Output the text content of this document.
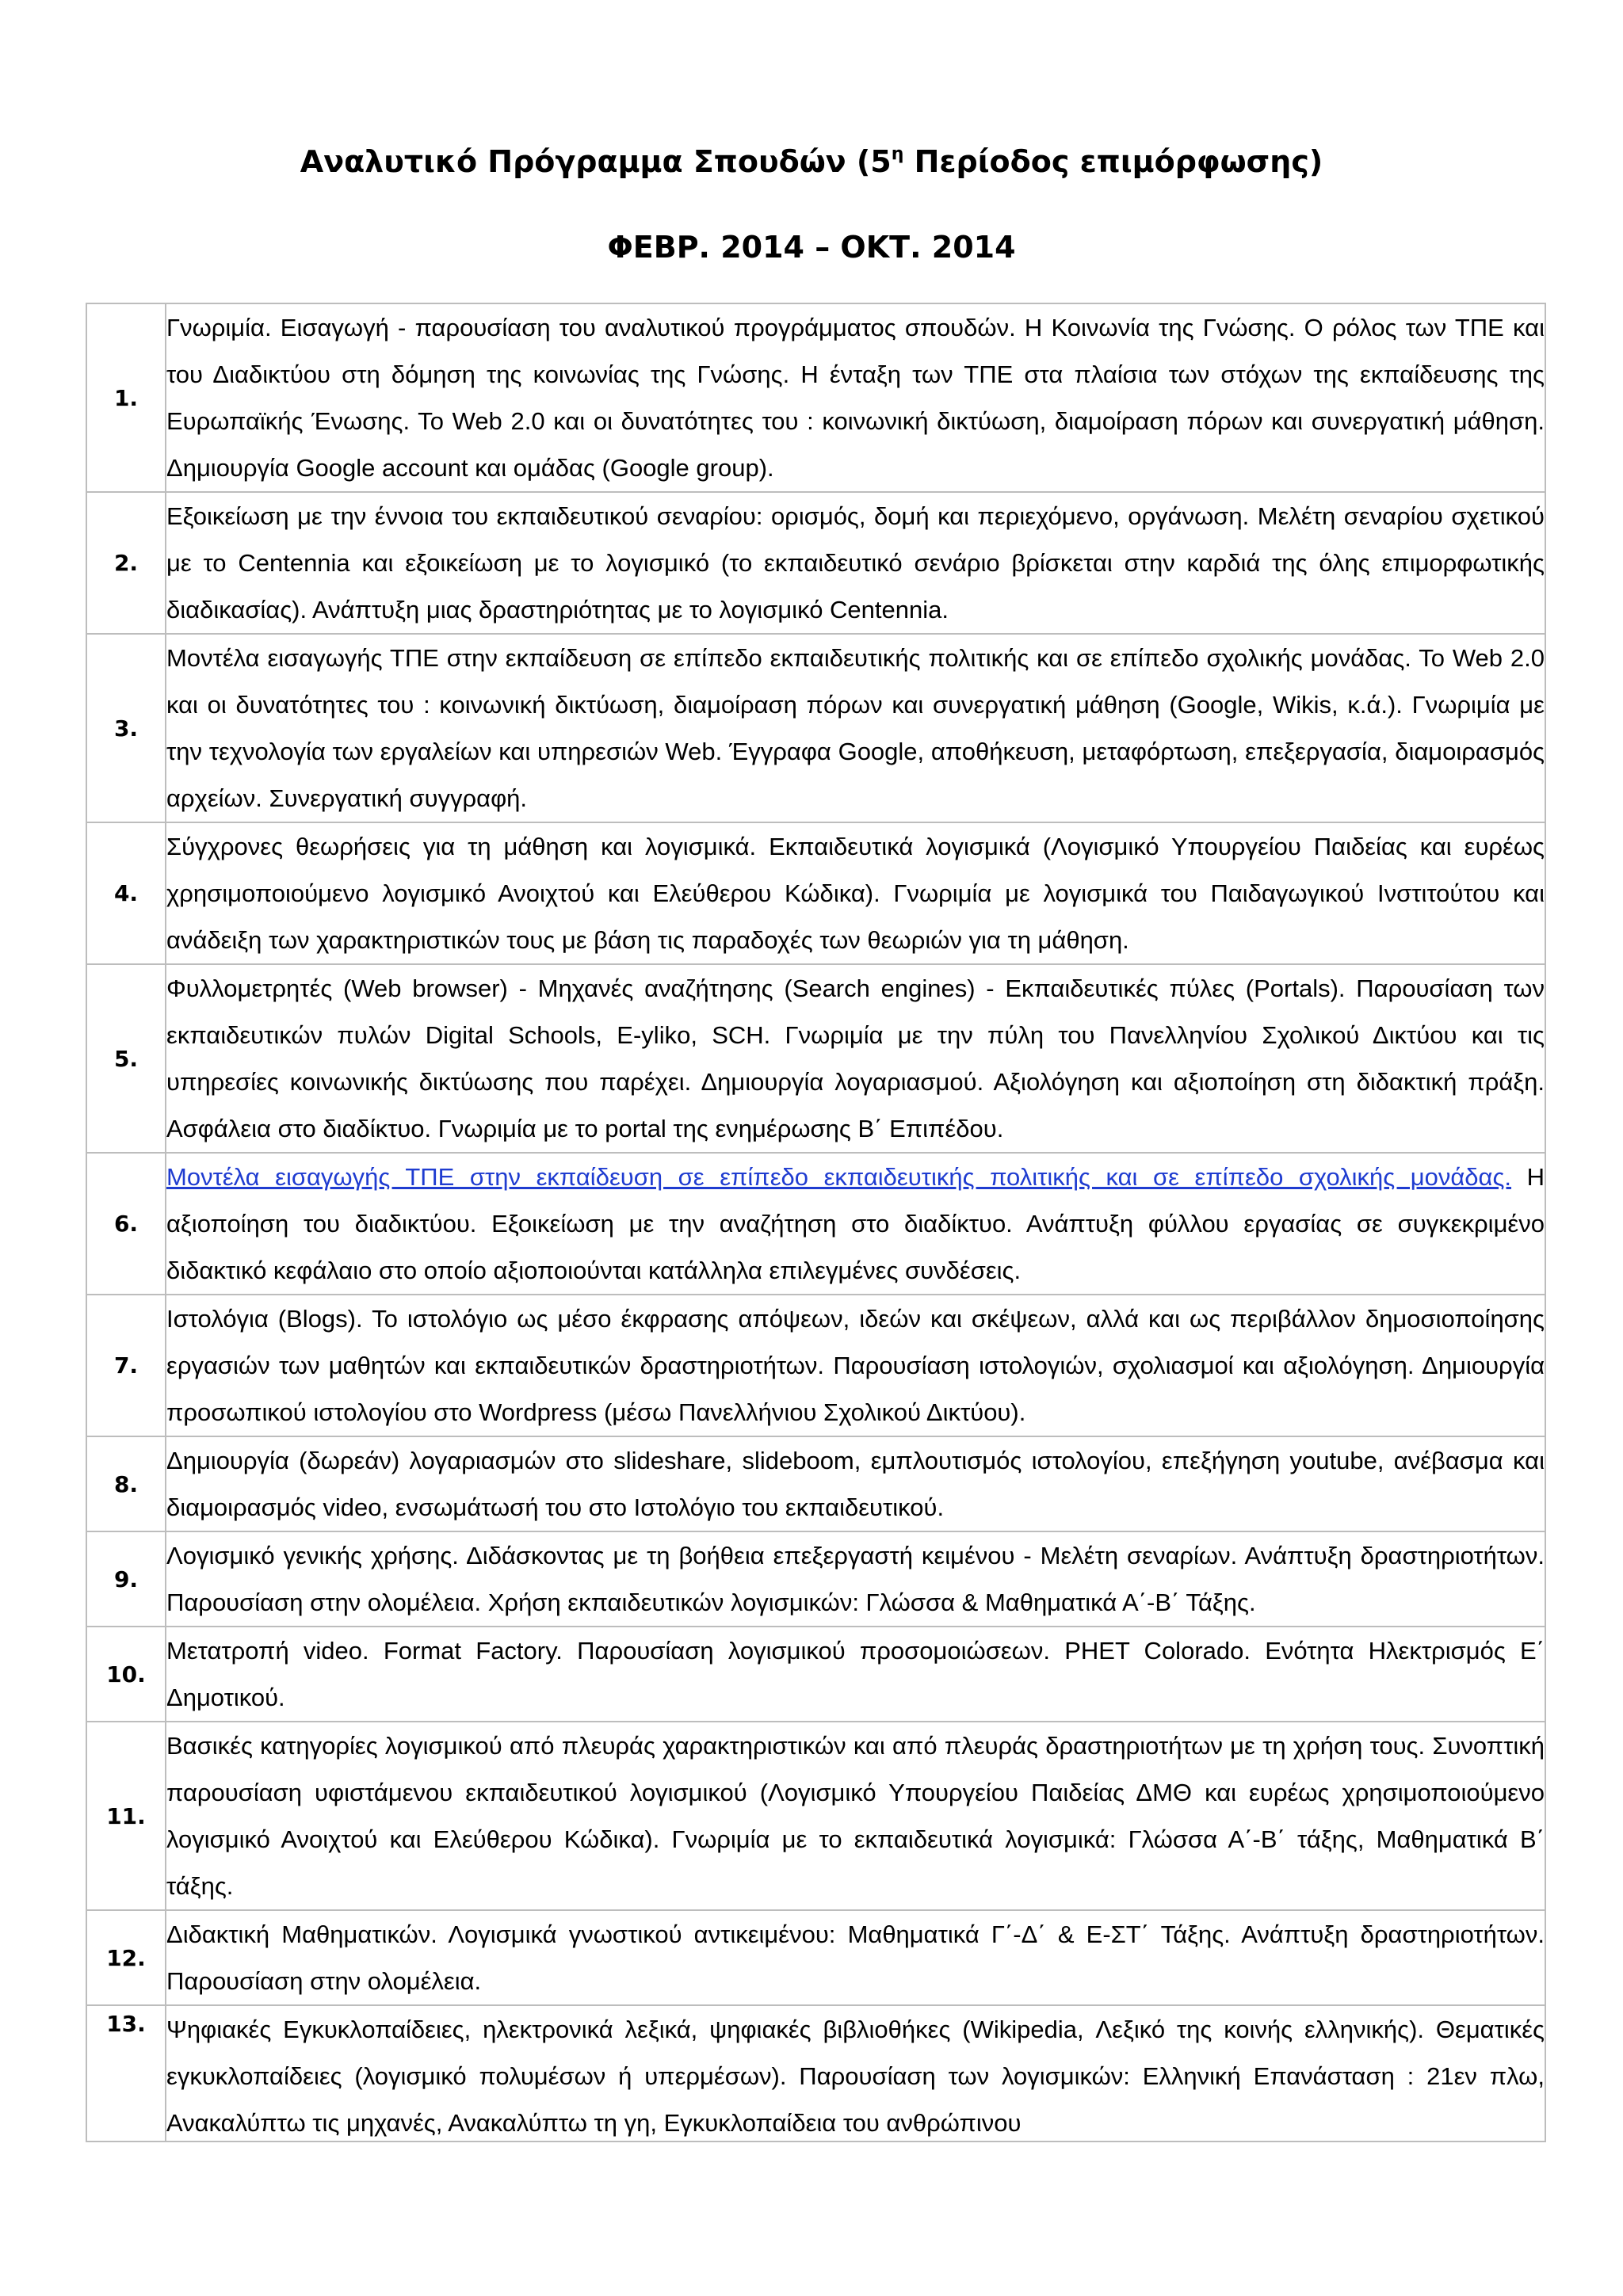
Αναλυτικό Πρόγραμμα Σπουδών ($5^\eta$ Περίοδος επιμόρφωσης)
ΦΕΒΡ. 2014 – ΟΚΤ. 2014
1.	Γνωριμία. Εισαγωγή - παρουσίαση του αναλυτικού προγράμματος σπουδών. Η Κοινωνία της Γνώσης. Ο ρόλος των ΤΠΕ και του Διαδικτύου στη δόμηση της κοινωνίας της Γνώσης. Η ένταξη των ΤΠΕ στα πλαίσια των στόχων της εκπαίδευσης της Ευρωπαϊκής Ένωσης. Το Web 2.0 και οι δυνατότητες του : κοινωνική δικτύωση, διαμοίραση πόρων και συνεργατική μάθηση. Δημιουργία Google account και ομάδας (Google group).
2.	Εξοικείωση με την έννοια του εκπαιδευτικού σεναρίου: ορισμός, δομή και περιεχόμενο, οργάνωση. Μελέτη σεναρίου σχετικού με το Centennia και εξοικείωση με το λογισμικό (το εκπαιδευτικό σενάριο βρίσκεται στην καρδιά της όλης επιμορφωτικής διαδικασίας). Ανάπτυξη μιας δραστηριότητας με το λογισμικό Centennia.
3.	Μοντέλα εισαγωγής ΤΠΕ στην εκπαίδευση σε επίπεδο εκπαιδευτικής πολιτικής και σε επίπεδο σχολικής μονάδας. Το Web 2.0 και οι δυνατότητες του : κοινωνική δικτύωση, διαμοίραση πόρων και συνεργατική μάθηση (Google, Wikis, κ.ά.). Γνωριμία με την τεχνολογία των εργαλείων και υπηρεσιών Web. Έγγραφα Google, αποθήκευση, μεταφόρτωση, επεξεργασία, διαμοιρασμός αρχείων. Συνεργατική συγγραφή.
4.	Σύγχρονες θεωρήσεις για τη μάθηση και λογισμικά. Εκπαιδευτικά λογισμικά (Λογισμικό Υπουργείου Παιδείας και ευρέως χρησιμοποιούμενο λογισμικό Ανοιχτού και Ελεύθερου Κώδικα). Γνωριμία με λογισμικά του Παιδαγωγικού Ινστιτούτου και ανάδειξη των χαρακτηριστικών τους με βάση τις παραδοχές των θεωριών για τη μάθηση.
5.	Φυλλομετρητές (Web browser) - Μηχανές αναζήτησης (Search engines) - Εκπαιδευτικές πύλες (Portals). Παρουσίαση των εκπαιδευτικών πυλών Digital Schools, E-yliko, SCH. Γνωριμία με την πύλη του Πανελληνίου Σχολικού Δικτύου και τις υπηρεσίες κοινωνικής δικτύωσης που παρέχει. Δημιουργία λογαριασμού. Αξιολόγηση και αξιοποίηση στη διδακτική πράξη. Ασφάλεια στο διαδίκτυο. Γνωριμία με το portal της ενημέρωσης Β΄ Επιπέδου.
6.	Μοντέλα εισαγωγής ΤΠΕ στην εκπαίδευση σε επίπεδο εκπαιδευτικής πολιτικής και σε επίπεδο σχολικής μονάδας. Η αξιοποίηση του διαδικτύου. Εξοικείωση με την αναζήτηση στο διαδίκτυο. Ανάπτυξη φύλλου εργασίας σε συγκεκριμένο διδακτικό κεφάλαιο στο οποίο αξιοποιούνται κατάλληλα επιλεγμένες συνδέσεις.
7.	Ιστολόγια (Blogs). Το ιστολόγιο ως μέσο έκφρασης απόψεων, ιδεών και σκέψεων, αλλά και ως περιβάλλον δημοσιοποίησης εργασιών των μαθητών και εκπαιδευτικών δραστηριοτήτων. Παρουσίαση ιστολογιών, σχολιασμοί και αξιολόγηση. Δημιουργία προσωπικού ιστολογίου στο Wordpress (μέσω Πανελλήνιου Σχολικού Δικτύου).
8.	Δημιουργία (δωρεάν) λογαριασμών στο slideshare, slideboom, εμπλουτισμός ιστολογίου, επεξήγηση youtube, ανέβασμα και διαμοιρασμός video, ενσωμάτωσή του στο Ιστολόγιο του εκπαιδευτικού.
9.	Λογισμικό γενικής χρήσης. Διδάσκοντας με τη βοήθεια επεξεργαστή κειμένου - Μελέτη σεναρίων. Ανάπτυξη δραστηριοτήτων. Παρουσίαση στην ολομέλεια. Χρήση εκπαιδευτικών λογισμικών: Γλώσσα & Μαθηματικά Α΄-Β΄ Τάξης.
10.	Μετατροπή video. Format Factory. Παρουσίαση λογισμικού προσομοιώσεων. PHET Colorado. Ενότητα Ηλεκτρισμός Ε΄ Δημοτικού.
11.	Βασικές κατηγορίες λογισμικού από πλευράς χαρακτηριστικών και από πλευράς δραστηριοτήτων με τη χρήση τους. Συνοπτική παρουσίαση υφιστάμενου εκπαιδευτικού λογισμικού (Λογισμικό Υπουργείου Παιδείας ΔΜΘ και ευρέως χρησιμοποιούμενο λογισμικό Ανοιχτού και Ελεύθερου Κώδικα). Γνωριμία με το εκπαιδευτικά λογισμικά: Γλώσσα Α΄-Β΄ τάξης, Μαθηματικά Β΄ τάξης.
12.	Διδακτική Μαθηματικών. Λογισμικά γνωστικού αντικειμένου: Μαθηματικά Γ΄-Δ΄ & Ε-ΣΤ΄ Τάξης. Ανάπτυξη δραστηριοτήτων. Παρουσίαση στην ολομέλεια.
13.	Ψηφιακές Εγκυκλοπαίδειες, ηλεκτρονικά λεξικά, ψηφιακές βιβλιοθήκες (Wikipedia, Λεξικό της κοινής ελληνικής). Θεματικές εγκυκλοπαίδειες (λογισμικό πολυμέσων ή υπερμέσων). Παρουσίαση των λογισμικών: Ελληνική Επανάσταση : 21εν πλω, Ανακαλύπτω τις μηχανές, Ανακαλύπτω τη γη, Εγκυκλοπαίδεια του ανθρώπινου
